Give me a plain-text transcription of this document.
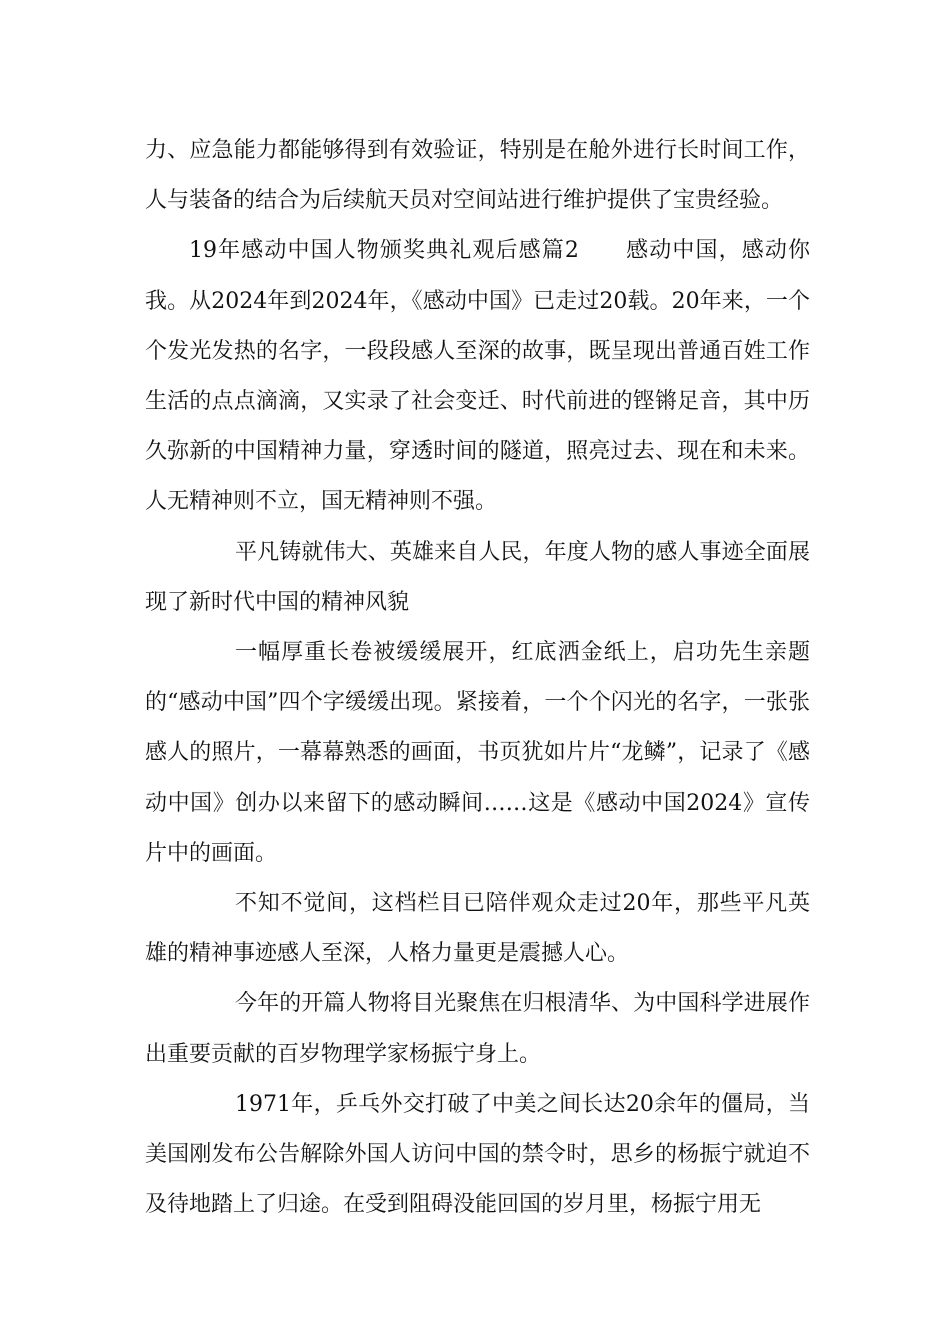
力、应急能力都能够得到有效验证，特别是在舱外进行长时间工作，人与装备的结合为后续航天员对空间站进行维护提供了宝贵经验。

19年感动中国人物颁奖典礼观后感篇2　　感动中国，感动你我。从2024年到2024年，《感动中国》已走过20载。20年来，一个个发光发热的名字，一段段感人至深的故事，既呈现出普通百姓工作生活的点点滴滴，又实录了社会变迁、时代前进的铿锵足音，其中历久弥新的中国精神力量，穿透时间的隧道，照亮过去、现在和未来。人无精神则不立，国无精神则不强。

平凡铸就伟大、英雄来自人民，年度人物的感人事迹全面展现了新时代中国的精神风貌

一幅厚重长卷被缓缓展开，红底洒金纸上，启功先生亲题的“感动中国”四个字缓缓出现。紧接着，一个个闪光的名字，一张张感人的照片，一幕幕熟悉的画面，书页犹如片片“龙鳞”，记录了《感动中国》创办以来留下的感动瞬间……这是《感动中国2024》宣传片中的画面。

不知不觉间，这档栏目已陪伴观众走过20年，那些平凡英雄的精神事迹感人至深，人格力量更是震撼人心。

今年的开篇人物将目光聚焦在归根清华、为中国科学进展作出重要贡献的百岁物理学家杨振宁身上。

1971年，乒乓外交打破了中美之间长达20余年的僵局，当美国刚发布公告解除外国人访问中国的禁令时，思乡的杨振宁就迫不及待地踏上了归途。在受到阻碍没能回国的岁月里，杨振宁用无
